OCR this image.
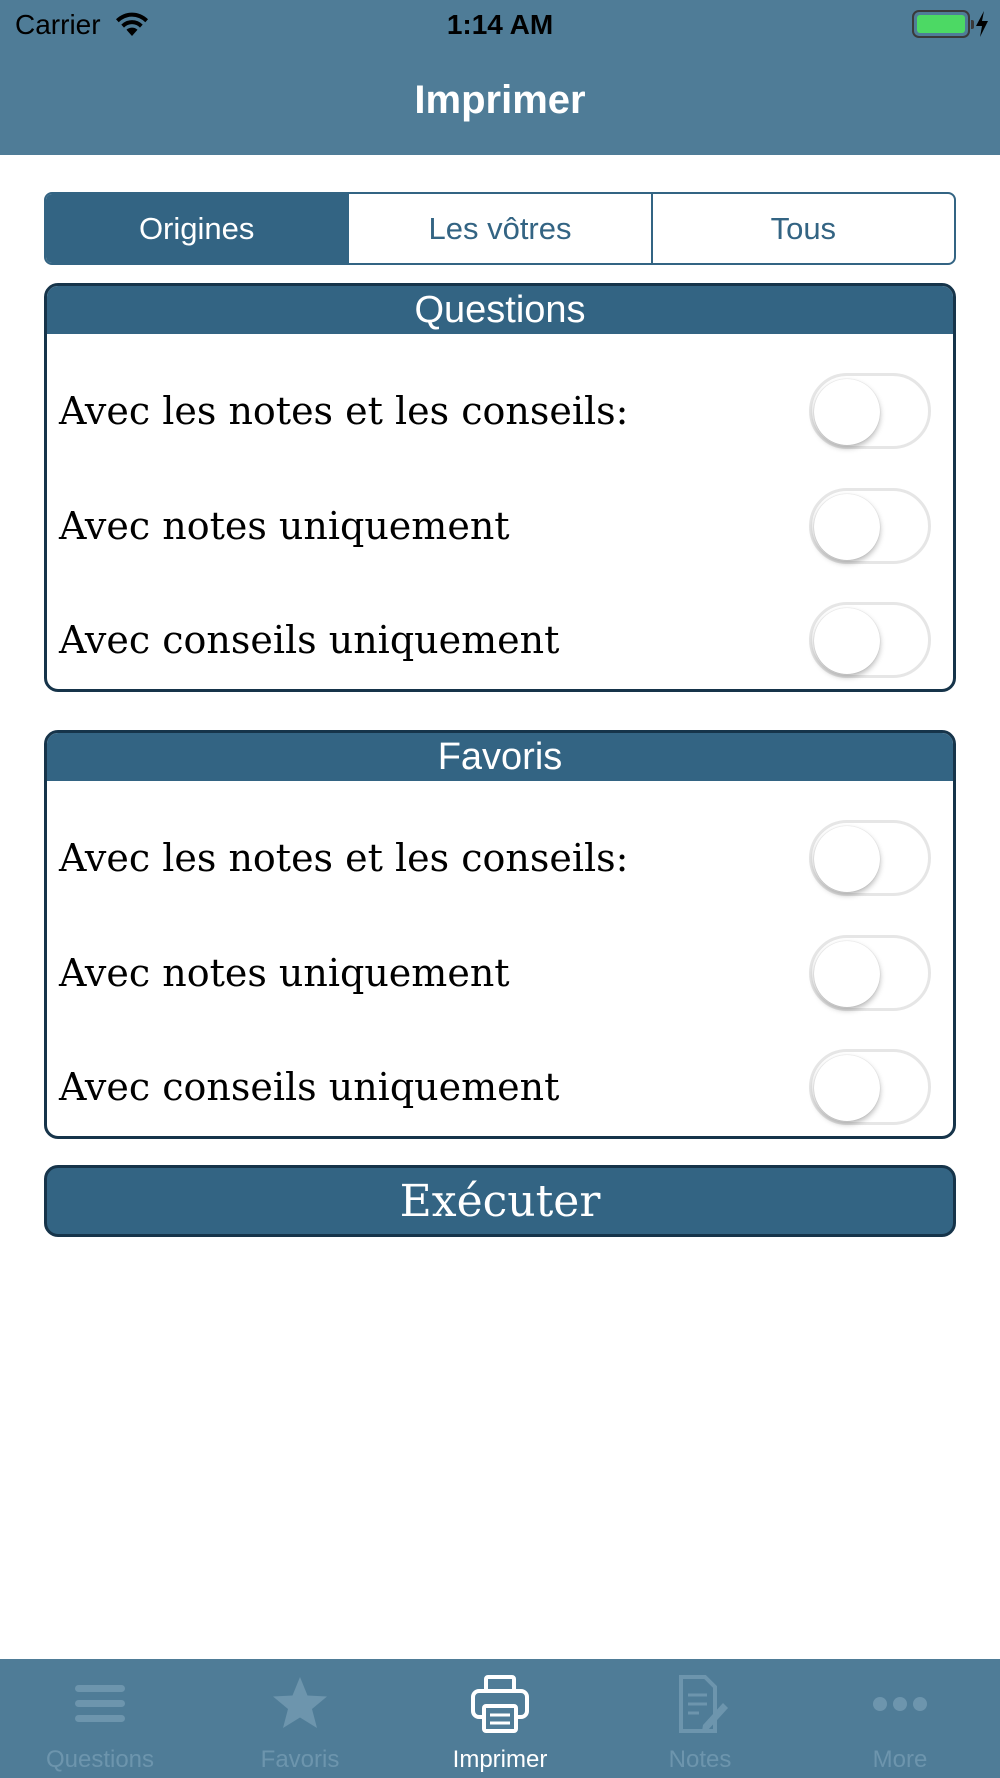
Carrier	1:14 AM
Imprimer
Origines	Les vôtres	Tous
Questions
Avec les notes et les conseils:
Avec notes uniquement
Avec conseils uniquement
Favoris
Avec les notes et les conseils:
Avec notes uniquement
Avec conseils uniquement
Exécuter
Questions	Favoris	Imprimer	Notes	More
